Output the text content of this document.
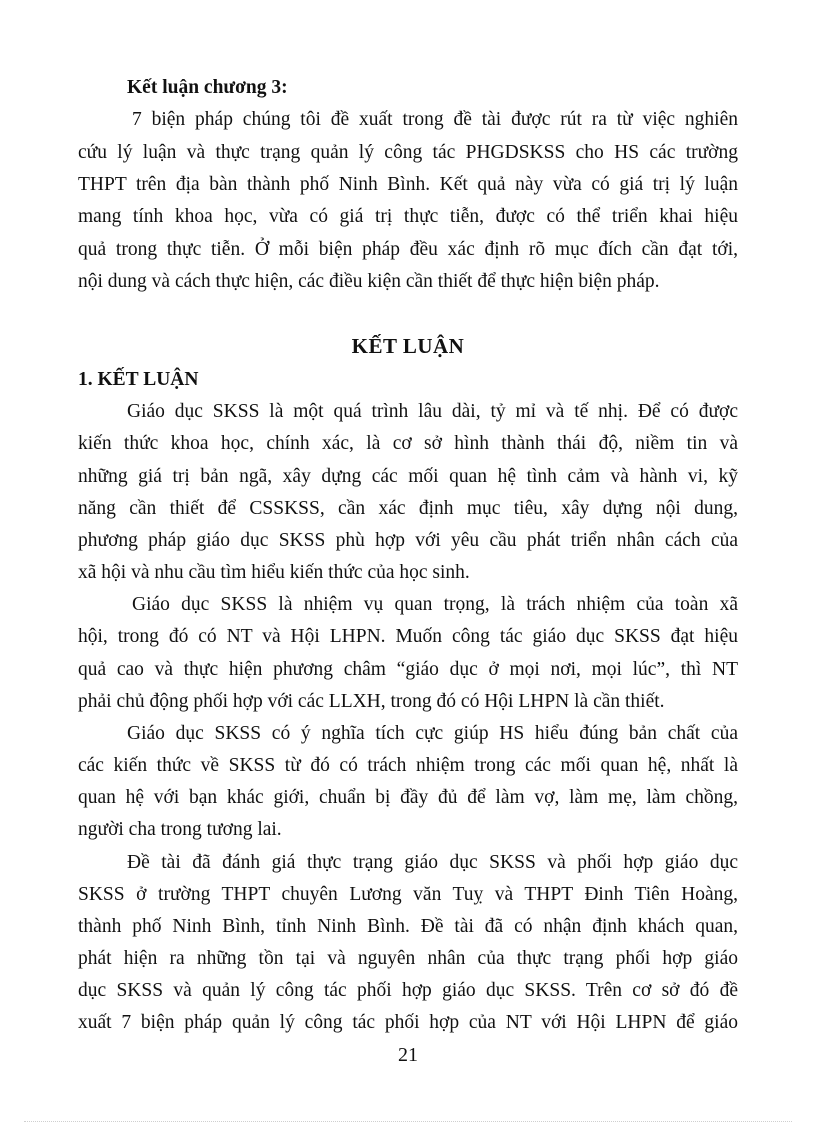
Kết luận chương 3:
7 biện pháp chúng tôi đề xuất trong đề tài được rút ra từ việc nghiên
cứu lý luận và thực trạng quản lý công tác PHGDSKSS cho HS các trường
THPT trên địa bàn thành phố Ninh Bình. Kết quả này vừa có giá trị lý luận
mang tính khoa học, vừa có giá trị thực tiễn, được có thể triển khai hiệu
quả trong thực tiễn. Ở mỗi biện pháp đều xác định rõ mục đích cần đạt tới,
nội dung và cách thực hiện, các điều kiện cần thiết để thực hiện biện pháp.
KẾT LUẬN
1. KẾT LUẬN
Giáo dục SKSS là một quá trình lâu dài, tỷ mỉ và tế nhị. Để có được
kiến thức khoa học, chính xác, là cơ sở hình thành thái độ, niềm tin và
những giá trị bản ngã, xây dựng các mối quan hệ tình cảm và hành vi, kỹ
năng cần thiết để CSSKSS, cần xác định mục tiêu, xây dựng nội dung,
phương pháp giáo dục SKSS phù hợp với yêu cầu phát triển nhân cách của
xã hội và nhu cầu tìm hiểu kiến thức của học sinh.
Giáo dục SKSS là nhiệm vụ quan trọng, là trách nhiệm của toàn xã
hội, trong đó có NT và Hội LHPN. Muốn công tác giáo dục SKSS đạt hiệu
quả cao và thực hiện phương châm “giáo dục ở mọi nơi, mọi lúc”, thì NT
phải chủ động phối hợp với các LLXH, trong đó có Hội LHPN là cần thiết.
Giáo dục SKSS có ý nghĩa tích cực giúp HS hiểu đúng bản chất của
các kiến thức về SKSS từ đó có trách nhiệm trong các mối quan hệ, nhất là
quan hệ với bạn khác giới, chuẩn bị đầy đủ để làm vợ, làm mẹ, làm chồng,
người cha trong tương lai.
Đề tài đã đánh giá thực trạng giáo dục SKSS và phối hợp giáo dục
SKSS ở trường THPT chuyên Lương văn Tuỵ và THPT Đinh Tiên Hoàng,
thành phố Ninh Bình, tỉnh Ninh Bình. Đề tài đã có nhận định khách quan,
phát hiện ra những tồn tại và nguyên nhân của thực trạng phối hợp giáo
dục SKSS và quản lý công tác phối hợp giáo dục SKSS. Trên cơ sở đó đề
xuất 7 biện pháp quản lý công tác phối hợp của NT với Hội LHPN để giáo
21
